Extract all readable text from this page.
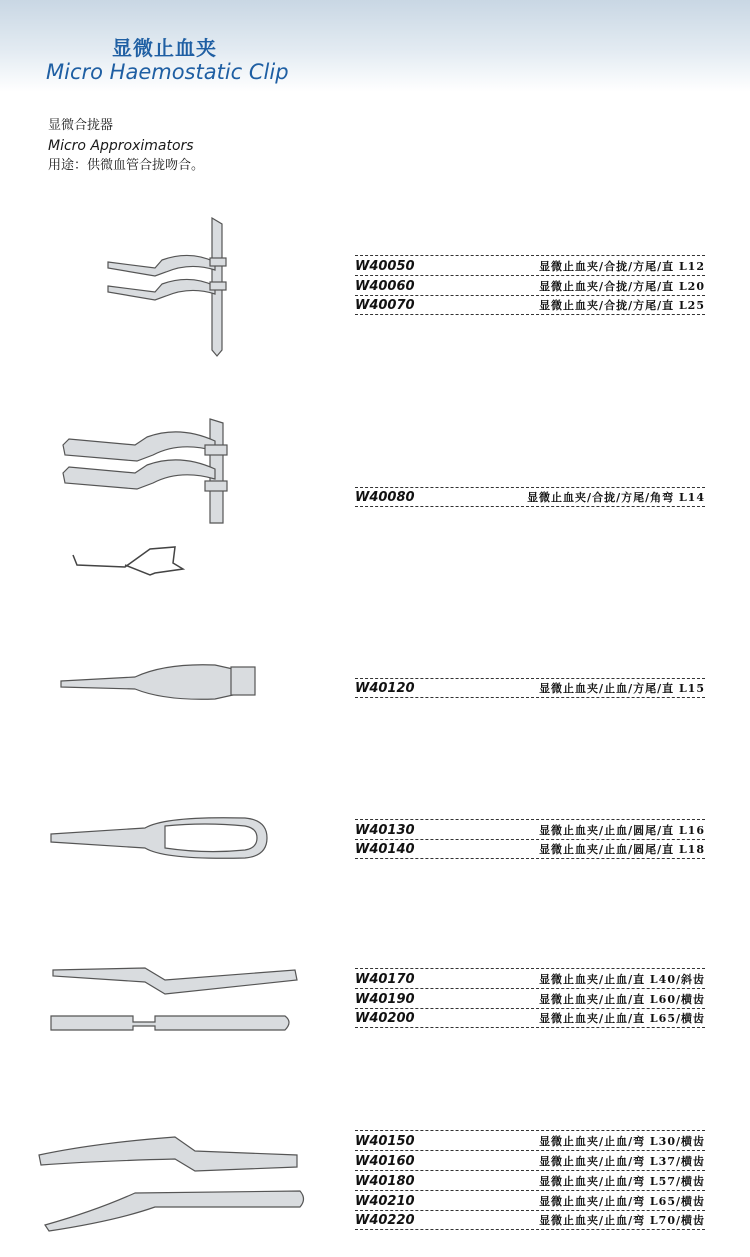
显微止血夹
Micro Haemostatic Clip
显微合拢器
Micro Approximators
用途：供微血管合拢吻合。
W40050	显微止血夹/合拢/方尾/直 L12
W40060	显微止血夹/合拢/方尾/直 L20
W40070	显微止血夹/合拢/方尾/直 L25
W40080	显微止血夹/合拢/方尾/角弯 L14
W40120	显微止血夹/止血/方尾/直 L15
W40130	显微止血夹/止血/圆尾/直 L16
W40140	显微止血夹/止血/圆尾/直 L18
W40170	显微止血夹/止血/直 L40/斜齿
W40190	显微止血夹/止血/直 L60/横齿
W40200	显微止血夹/止血/直 L65/横齿
W40150	显微止血夹/止血/弯 L30/横齿
W40160	显微止血夹/止血/弯 L37/横齿
W40180	显微止血夹/止血/弯 L57/横齿
W40210	显微止血夹/止血/弯 L65/横齿
W40220	显微止血夹/止血/弯 L70/横齿
